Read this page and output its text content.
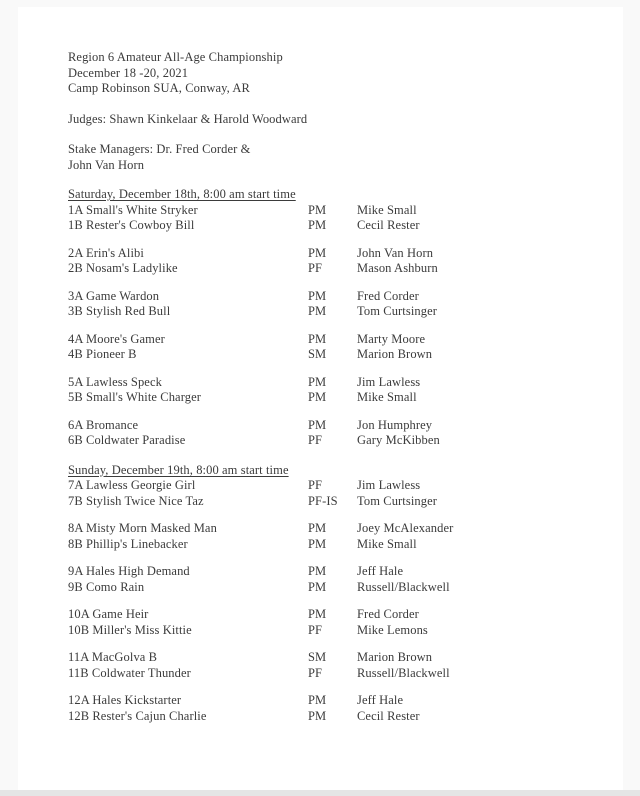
Region 6 Amateur All-Age Championship

December 18 -20, 2021

Camp Robinson SUA, Conway, AR

Judges: Shawn Kinkelaar & Harold Woodward

Stake Managers: Dr. Fred Corder &

John Van Horn

Saturday, December 18th, 8:00 am start time

1A Small's White Stryker	PM	Mike Small
1B Rester's Cowboy Bill	PM	Cecil Rester
2A Erin's Alibi	PM	John Van Horn
2B Nosam's Ladylike	PF	Mason Ashburn
3A Game Wardon	PM	Fred Corder
3B Stylish Red Bull	PM	Tom Curtsinger
4A Moore's Gamer	PM	Marty Moore
4B Pioneer B	SM	Marion Brown
5A Lawless Speck	PM	Jim Lawless
5B Small's White Charger	PM	Mike Small
6A Bromance	PM	Jon Humphrey
6B Coldwater Paradise	PF	Gary McKibben

Sunday, December 19th, 8:00 am start time

7A Lawless Georgie Girl	PF	Jim Lawless
7B Stylish Twice Nice Taz	PF-IS	Tom Curtsinger
8A Misty Morn Masked Man	PM	Joey McAlexander
8B Phillip's Linebacker	PM	Mike Small
9A Hales High Demand	PM	Jeff Hale
9B Como Rain	PM	Russell/Blackwell
10A Game Heir	PM	Fred Corder
10B Miller's Miss Kittie	PF	Mike Lemons
11A MacGolva B	SM	Marion Brown
11B Coldwater Thunder	PF	Russell/Blackwell
12A Hales Kickstarter	PM	Jeff Hale
12B Rester's Cajun Charlie	PM	Cecil Rester
